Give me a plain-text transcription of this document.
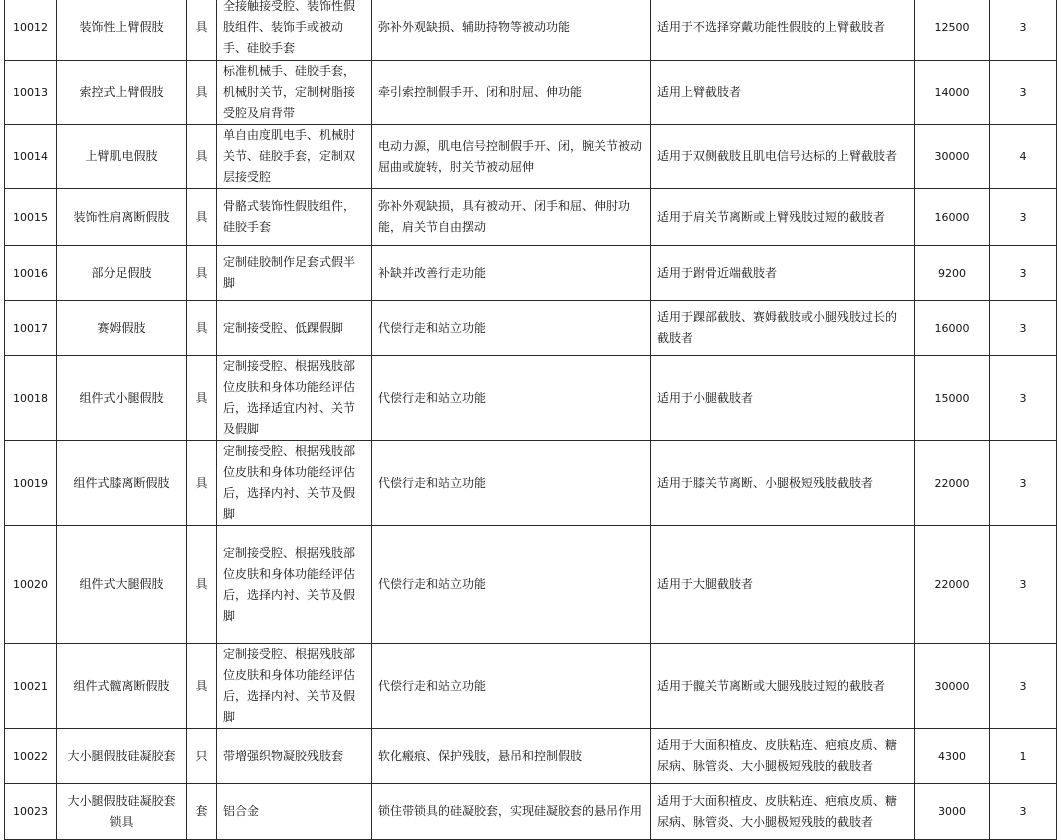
10012	装饰性上臂假肢	具	全接触接受腔、装饰性假肢组件、装饰手或被动手、硅胶手套	弥补外观缺损、辅助持物等被动功能	适用于不选择穿戴功能性假肢的上臂截肢者	12500	3
10013	索控式上臂假肢	具	标准机械手、硅胶手套，机械肘关节，定制树脂接受腔及肩背带	牵引索控制假手开、闭和肘屈、伸功能	适用上臂截肢者	14000	3
10014	上臂肌电假肢	具	单自由度肌电手、机械肘关节、硅胶手套，定制双层接受腔	电动力源，肌电信号控制假手开、闭，腕关节被动屈曲或旋转，肘关节被动屈伸	适用于双侧截肢且肌电信号达标的上臂截肢者	30000	4
10015	装饰性肩离断假肢	具	骨骼式装饰性假肢组件，硅胶手套	弥补外观缺损，具有被动开、闭手和屈、伸肘功能，肩关节自由摆动	适用于肩关节离断或上臂残肢过短的截肢者	16000	3
10016	部分足假肢	具	定制硅胶制作足套式假半脚	补缺并改善行走功能	适用于跗骨近端截肢者	9200	3
10017	赛姆假肢	具	定制接受腔、低踝假脚	代偿行走和站立功能	适用于踝部截肢、赛姆截肢或小腿残肢过长的截肢者	16000	3
10018	组件式小腿假肢	具	定制接受腔、根据残肢部位皮肤和身体功能经评估后，选择适宜内衬、关节及假脚	代偿行走和站立功能	适用于小腿截肢者	15000	3
10019	组件式膝离断假肢	具	定制接受腔、根据残肢部位皮肤和身体功能经评估后，选择内衬、关节及假脚	代偿行走和站立功能	适用于膝关节离断、小腿极短残肢截肢者	22000	3
10020	组件式大腿假肢	具	定制接受腔、根据残肢部位皮肤和身体功能经评估后，选择内衬、关节及假脚	代偿行走和站立功能	适用于大腿截肢者	22000	3
10021	组件式髋离断假肢	具	定制接受腔、根据残肢部位皮肤和身体功能经评估后，选择内衬、关节及假脚	代偿行走和站立功能	适用于髋关节离断或大腿残肢过短的截肢者	30000	3
10022	大小腿假肢硅凝胶套	只	带增强织物凝胶残肢套	软化瘢痕、保护残肢，悬吊和控制假肢	适用于大面积植皮、皮肤粘连、疤痕皮质、糖尿病、脉管炎、大小腿极短残肢的截肢者	4300	1
10023	大小腿假肢硅凝胶套锁具	套	铝合金	锁住带锁具的硅凝胶套，实现硅凝胶套的悬吊作用	适用于大面积植皮、皮肤粘连、疤痕皮质、糖尿病、脉管炎、大小腿极短残肢的截肢者	3000	3
